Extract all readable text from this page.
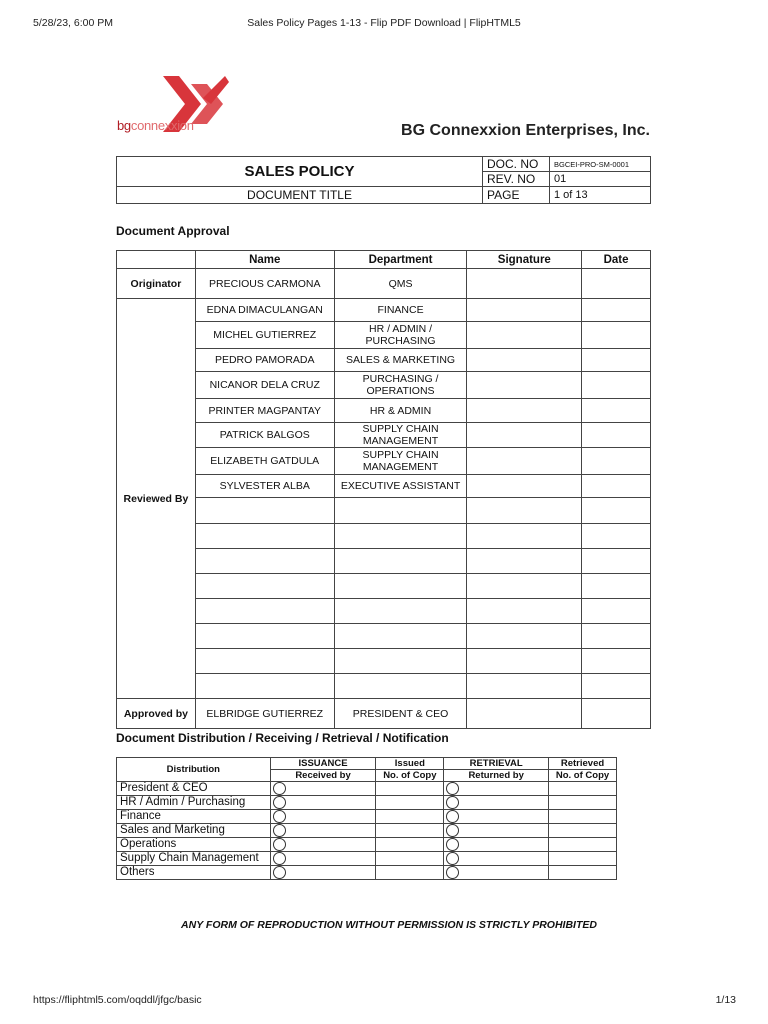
5/28/23, 6:00 PM	Sales Policy Pages 1-13 - Flip PDF Download | FlipHTML5
bgconnexxion	BG Connexxion Enterprises, Inc.
SALES POLICY	DOC. NO	BGCEI-PRO-SM-0001
	REV. NO	01
DOCUMENT TITLE	PAGE	1 of 13
Document Approval
	Name	Department	Signature	Date
Originator	PRECIOUS CARMONA	QMS		
Reviewed By	EDNA DIMACULANGAN	FINANCE		
	MICHEL GUTIERREZ	HR / ADMIN / PURCHASING		
	PEDRO PAMORADA	SALES & MARKETING		
	NICANOR DELA CRUZ	PURCHASING / OPERATIONS		
	PRINTER MAGPANTAY	HR & ADMIN		
	PATRICK BALGOS	SUPPLY CHAIN MANAGEMENT		
	ELIZABETH GATDULA	SUPPLY CHAIN MANAGEMENT		
	SYLVESTER ALBA	EXECUTIVE ASSISTANT		

Approved by	ELBRIDGE GUTIERREZ	PRESIDENT & CEO		
Document Distribution / Receiving / Retrieval / Notification
Distribution	ISSUANCE	Issued	RETRIEVAL	Retrieved
	Received by	No. of Copy	Returned by	No. of Copy
President & CEO				
HR / Admin / Purchasing				
Finance				
Sales and Marketing				
Operations				
Supply Chain Management				
Others				
ANY FORM OF REPRODUCTION WITHOUT PERMISSION IS STRICTLY PROHIBITED
https://fliphtml5.com/oqddl/jfgc/basic	1/13
